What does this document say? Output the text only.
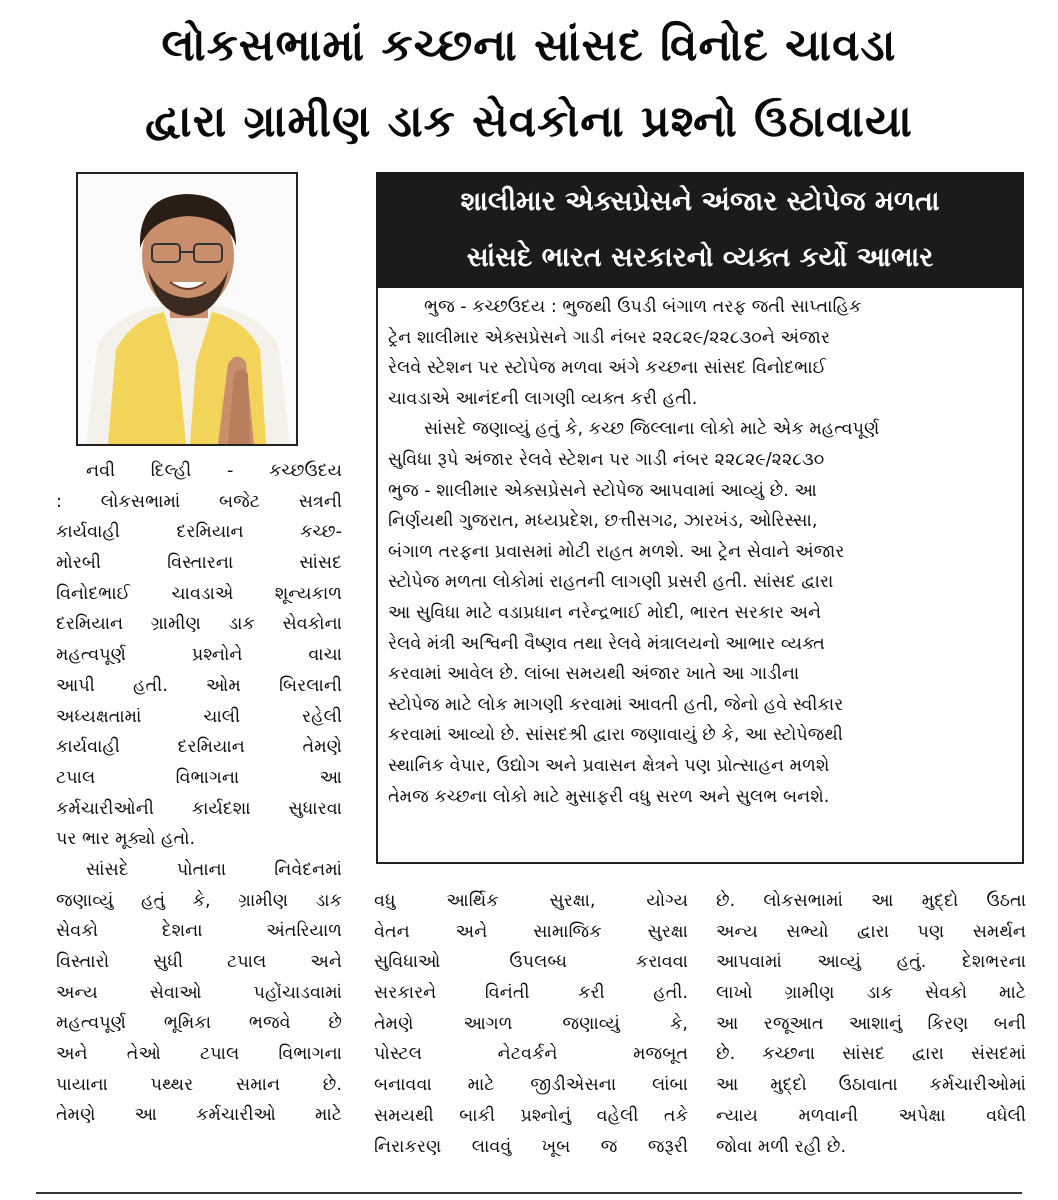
લોકસભામાં કચ્છના સાંસદ વિનોદ ચાવડા
દ્વારા ગ્રામીણ ડાક સેવકોના પ્રશ્નો ઉઠાવાયા
શાલીમાર એક્સપ્રેસને અંજાર સ્ટોપેજ મળતા
સાંસદે ભારત સરકારનો વ્યક્ત કર્યો આભાર
ભુજ - કચ્છઉદય : ભુજથી ઉપડી બંગાળ તરફ જતી સાપ્તાહિક
ટ્રેન શાલીમાર એક્સપ્રેસને ગાડી નંબર ૨૨૮૨૯/૨૨૮૩૦ને અંજાર
રેલવે સ્ટેશન પર સ્ટોપેજ મળવા અંગે કચ્છના સાંસદ વિનોદભાઈ
ચાવડાએ આનંદની લાગણી વ્યક્ત કરી હતી.
સાંસદે જણાવ્યું હતું કે, કચ્છ જિલ્લાના લોકો માટે એક મહત્વપૂર્ણ
સુવિધા રૂપે અંજાર રેલવે સ્ટેશન પર ગાડી નંબર ૨૨૮૨૯/૨૨૮૩૦
ભુજ - શાલીમાર એક્સપ્રેસને સ્ટોપેજ આપવામાં આવ્યું છે. આ
નિર્ણયથી ગુજરાત, મધ્યપ્રદેશ, છત્તીસગઢ, ઝારખંડ, ઓરિસ્સા,
બંગાળ તરફના પ્રવાસમાં મોટી રાહત મળશે. આ ટ્રેન સેવાને અંજાર
સ્ટોપેજ મળતા લોકોમાં રાહતની લાગણી પ્રસરી હતી. સાંસદ દ્વારા
આ સુવિધા માટે વડાપ્રધાન નરેન્દ્રભાઈ મોદી, ભારત સરકાર અને
રેલવે મંત્રી અશ્વિની વૈષ્ણવ તથા રેલવે મંત્રાલયનો આભાર વ્યક્ત
કરવામાં આવેલ છે. લાંબા સમયથી અંજાર ખાતે આ ગાડીના
સ્ટોપેજ માટે લોક માગણી કરવામાં આવતી હતી, જેનો હવે સ્વીકાર
કરવામાં આવ્યો છે. સાંસદશ્રી દ્વારા જણાવાયું છે કે, આ સ્ટોપેજથી
સ્થાનિક વેપાર, ઉદ્યોગ અને પ્રવાસન ક્ષેત્રને પણ પ્રોત્સાહન મળશે
તેમજ કચ્છના લોકો માટે મુસાફરી વધુ સરળ અને સુલભ બનશે.
નવી દિલ્હી - કચ્છઉદય
: લોકસભામાં બજેટ સત્રની
કાર્યવાહી દરમિયાન કચ્છ-
મોરબી વિસ્તારના સાંસદ
વિનોદભાઈ ચાવડાએ શૂન્યકાળ
દરમિયાન ગ્રામીણ ડાક સેવકોના
મહત્વપૂર્ણ પ્રશ્નોને વાચા
આપી હતી. ઓમ બિરલાની
અધ્યક્ષતામાં ચાલી રહેલી
કાર્યવાહી દરમિયાન તેમણે
ટપાલ વિભાગના આ
કર્મચારીઓની કાર્યદશા સુધારવા
પર ભાર મૂક્યો હતો.
સાંસદે પોતાના નિવેદનમાં
જણાવ્યું હતું કે, ગ્રામીણ ડાક
સેવકો દેશના અંતરિયાળ
વિસ્તારો સુધી ટપાલ અને
અન્ય સેવાઓ પહોંચાડવામાં
મહત્વપૂર્ણ ભૂમિકા ભજવે છે
અને તેઓ ટપાલ વિભાગના
પાયાના પથ્થર સમાન છે.
તેમણે આ કર્મચારીઓ માટે
વધુ આર્થિક સુરક્ષા, યોગ્ય
વેતન અને સામાજિક સુરક્ષા
સુવિધાઓ ઉપલબ્ધ કરાવવા
સરકારને વિનંતી કરી હતી.
તેમણે આગળ જણાવ્યું કે,
પોસ્ટલ નેટવર્કને મજબૂત
બનાવવા માટે જીડીએસના લાંબા
સમયથી બાકી પ્રશ્નોનું વહેલી તકે
નિરાકરણ લાવવું ખૂબ જ જરૂરી
છે. લોકસભામાં આ મુદ્દો ઉઠતા
અન્ય સભ્યો દ્વારા પણ સમર્થન
આપવામાં આવ્યું હતું. દેશભરના
લાખો ગ્રામીણ ડાક સેવકો માટે
આ રજૂઆત આશાનું કિરણ બની
છે. કચ્છના સાંસદ દ્વારા સંસદમાં
આ મુદ્દો ઉઠાવાતા કર્મચારીઓમાં
ન્યાય મળવાની અપેક્ષા વધેલી
જોવા મળી રહી છે.
